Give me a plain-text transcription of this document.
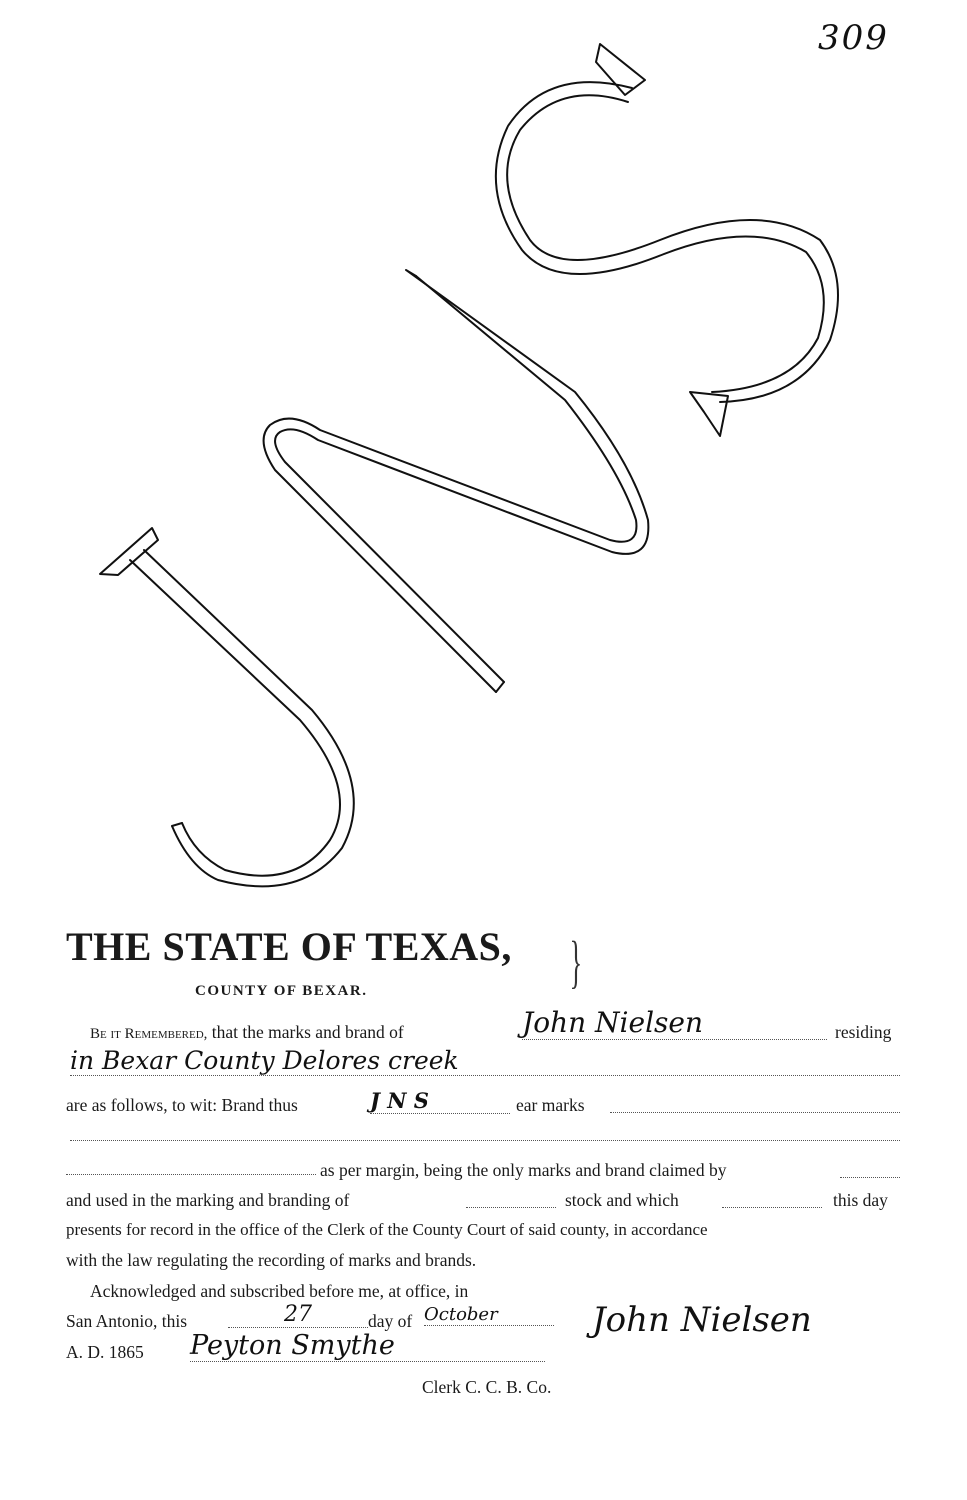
309
THE STATE OF TEXAS, }
COUNTY OF BEXAR.
Be it Remembered, that the marks and brand of	John Nielsen	residing
in Bexar County Delores creek
are as follows, to wit: Brand thus	J N S	ear marks
as per margin, being the only marks and brand claimed by
and used in the marking and branding of	stock and which	this day
presents for record in the office of the Clerk of the County Court of said county, in accordance
with the law regulating the recording of marks and brands.
Acknowledged and subscribed before me, at office, in
San Antonio, this	27	day of October
A. D. 1865 Peyton Smythe
John Nielsen
Clerk C. C. B. Co.
